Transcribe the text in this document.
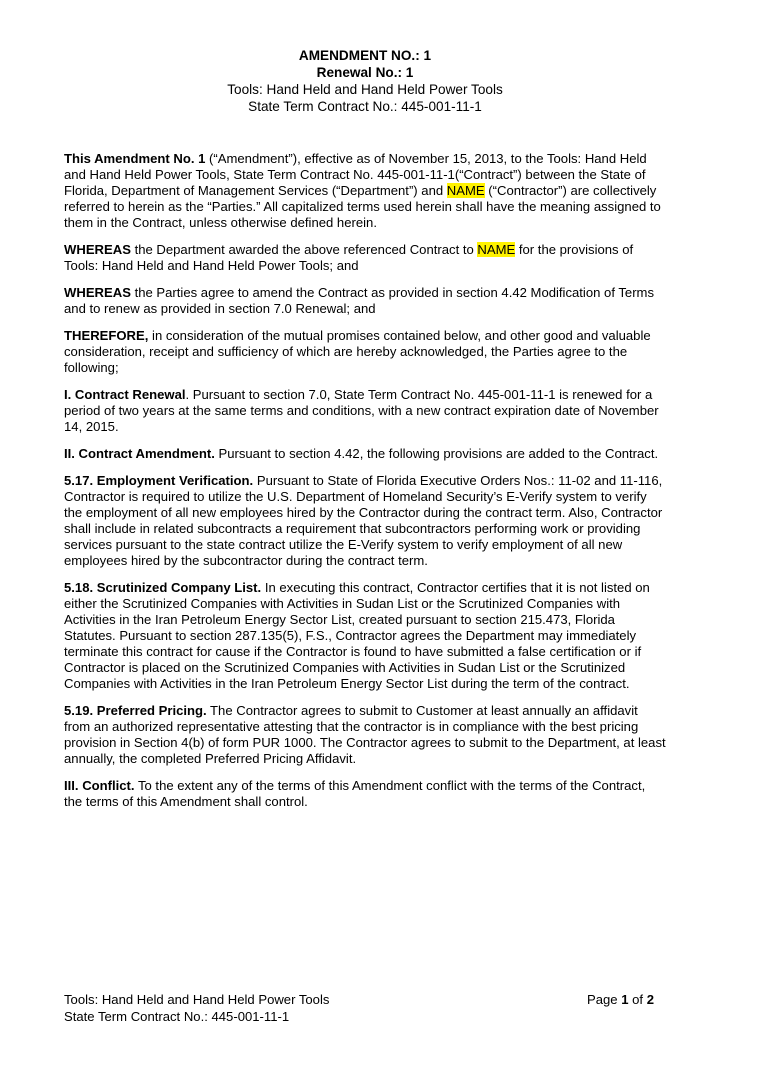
AMENDMENT NO.: 1
Renewal No.: 1
Tools: Hand Held and Hand Held Power Tools
State Term Contract No.: 445-001-11-1

This Amendment No. 1 (“Amendment”), effective as of November 15, 2013, to the Tools: Hand Held and Hand Held Power Tools, State Term Contract No. 445-001-11-1(“Contract”) between the State of Florida, Department of Management Services (“Department”) and NAME (“Contractor”) are collectively referred to herein as the “Parties.” All capitalized terms used herein shall have the meaning assigned to them in the Contract, unless otherwise defined herein.

WHEREAS the Department awarded the above referenced Contract to NAME for the provisions of Tools: Hand Held and Hand Held Power Tools; and

WHEREAS the Parties agree to amend the Contract as provided in section 4.42 Modification of Terms and to renew as provided in section 7.0 Renewal; and

THEREFORE, in consideration of the mutual promises contained below, and other good and valuable consideration, receipt and sufficiency of which are hereby acknowledged, the Parties agree to the following;

I. Contract Renewal. Pursuant to section 7.0, State Term Contract No. 445-001-11-1 is renewed for a period of two years at the same terms and conditions, with a new contract expiration date of November 14, 2015.

II. Contract Amendment. Pursuant to section 4.42, the following provisions are added to the Contract.

5.17. Employment Verification. Pursuant to State of Florida Executive Orders Nos.: 11-02 and 11-116, Contractor is required to utilize the U.S. Department of Homeland Security’s E-Verify system to verify the employment of all new employees hired by the Contractor during the contract term. Also, Contractor shall include in related subcontracts a requirement that subcontractors performing work or providing services pursuant to the state contract utilize the E-Verify system to verify employment of all new employees hired by the subcontractor during the contract term.

5.18. Scrutinized Company List. In executing this contract, Contractor certifies that it is not listed on either the Scrutinized Companies with Activities in Sudan List or the Scrutinized Companies with Activities in the Iran Petroleum Energy Sector List, created pursuant to section 215.473, Florida Statutes. Pursuant to section 287.135(5), F.S., Contractor agrees the Department may immediately terminate this contract for cause if the Contractor is found to have submitted a false certification or if Contractor is placed on the Scrutinized Companies with Activities in Sudan List or the Scrutinized Companies with Activities in the Iran Petroleum Energy Sector List during the term of the contract.

5.19. Preferred Pricing. The Contractor agrees to submit to Customer at least annually an affidavit from an authorized representative attesting that the contractor is in compliance with the best pricing provision in Section 4(b) of form PUR 1000. The Contractor agrees to submit to the Department, at least annually, the completed Preferred Pricing Affidavit.

III. Conflict. To the extent any of the terms of this Amendment conflict with the terms of the Contract, the terms of this Amendment shall control.

Tools: Hand Held and Hand Held Power Tools
State Term Contract No.: 445-001-11-1
Page 1 of 2
